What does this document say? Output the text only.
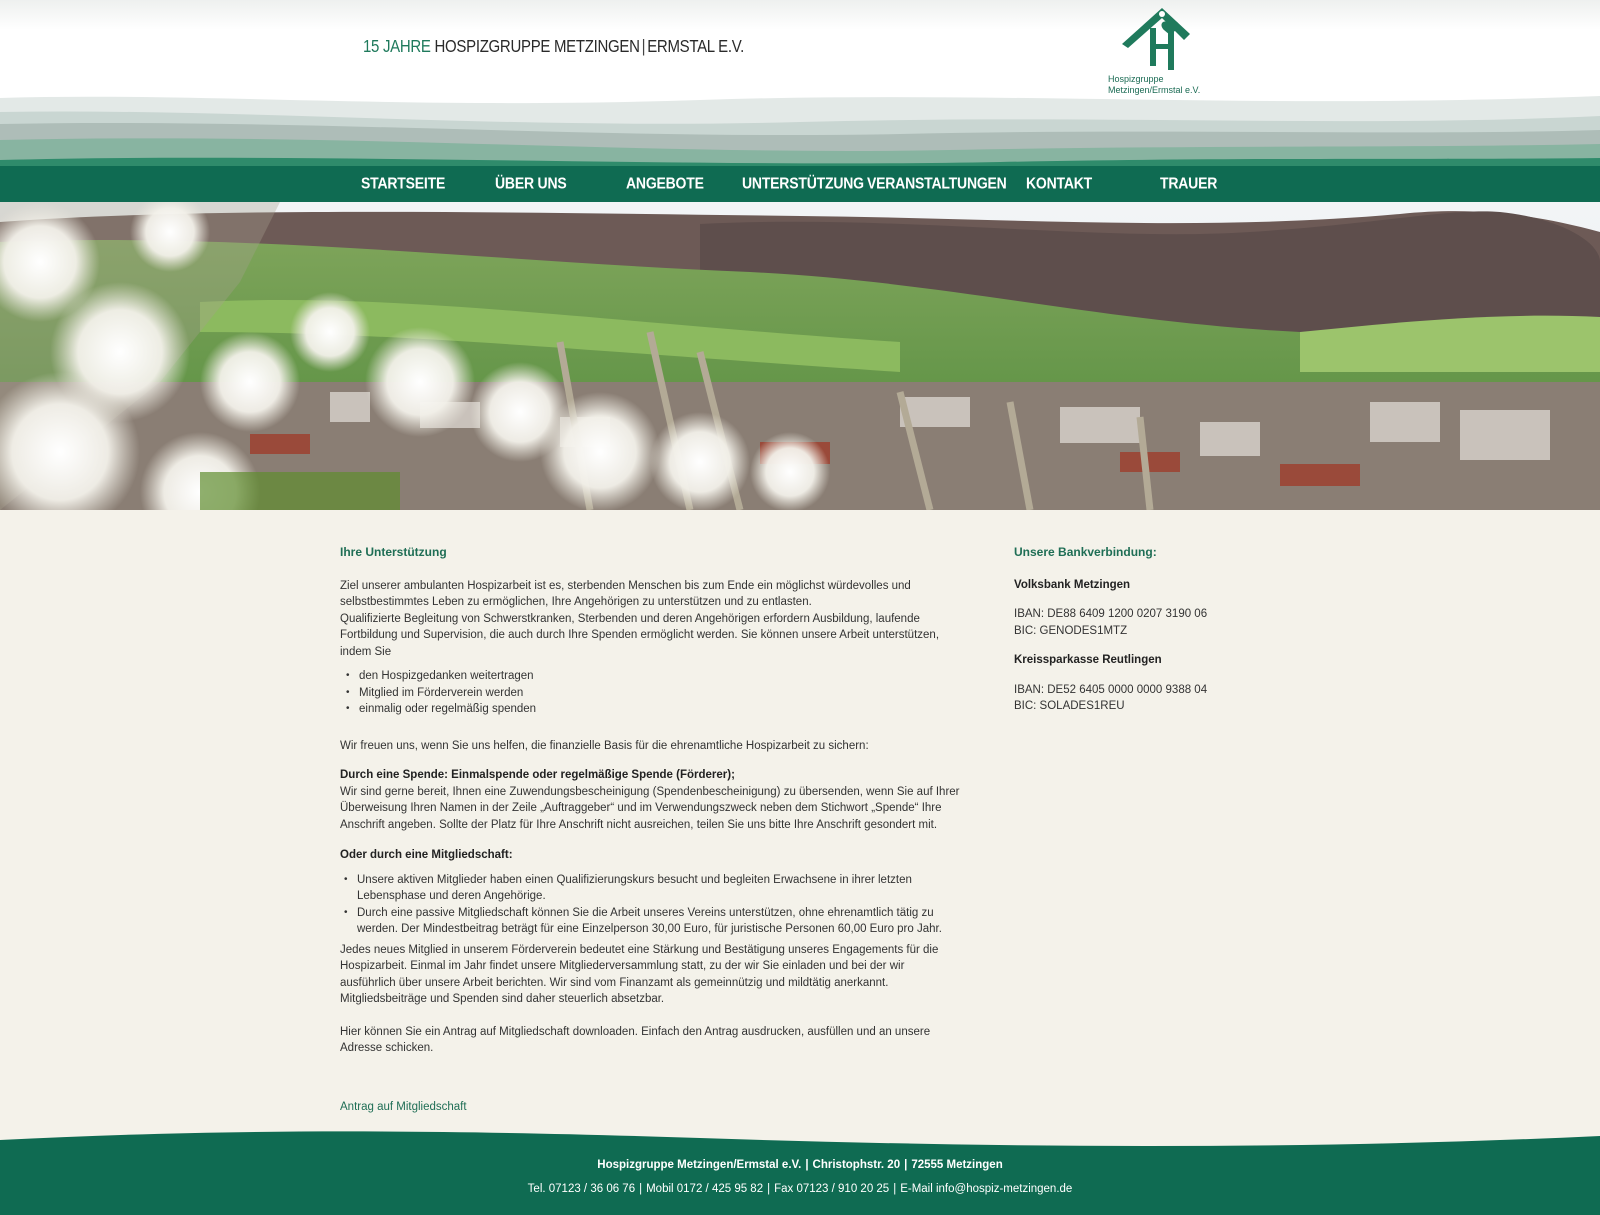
15 JAHRE HOSPIZGRUPPE METZINGEN | ERMSTAL E.V.
Hospizgruppe
Metzingen/Ermstal e.V.
STARTSEITE	ÜBER UNS	ANGEBOTE	UNTERSTÜTZUNG VERANSTALTUNGEN KONTAKT	TRAUER
Ihre Unterstützung
Ziel unserer ambulanten Hospizarbeit ist es, sterbenden Menschen bis zum Ende ein möglichst würdevolles und selbstbestimmtes Leben zu ermöglichen, Ihre Angehörigen zu unterstützen und zu entlasten.
Qualifizierte Begleitung von Schwerstkranken, Sterbenden und deren Angehörigen erfordern Ausbildung, laufende Fortbildung und Supervision, die auch durch Ihre Spenden ermöglicht werden. Sie können unsere Arbeit unterstützen, indem Sie
• den Hospizgedanken weitertragen
• Mitglied im Förderverein werden
• einmalig oder regelmäßig spenden
Wir freuen uns, wenn Sie uns helfen, die finanzielle Basis für die ehrenamtliche Hospizarbeit zu sichern:
Durch eine Spende: Einmalspende oder regelmäßige Spende (Förderer);
Wir sind gerne bereit, Ihnen eine Zuwendungsbescheinigung (Spendenbescheinigung) zu übersenden, wenn Sie auf Ihrer Überweisung Ihren Namen in der Zeile „Auftraggeber“ und im Verwendungszweck neben dem Stichwort „Spende“ Ihre Anschrift angeben. Sollte der Platz für Ihre Anschrift nicht ausreichen, teilen Sie uns bitte Ihre Anschrift gesondert mit.
Oder durch eine Mitgliedschaft:
• Unsere aktiven Mitglieder haben einen Qualifizierungskurs besucht und begleiten Erwachsene in ihrer letzten Lebensphase und deren Angehörige.
• Durch eine passive Mitgliedschaft können Sie die Arbeit unseres Vereins unterstützen, ohne ehrenamtlich tätig zu werden. Der Mindestbeitrag beträgt für eine Einzelperson 30,00 Euro, für juristische Personen 60,00 Euro pro Jahr.
Jedes neues Mitglied in unserem Förderverein bedeutet eine Stärkung und Bestätigung unseres Engagements für die Hospizarbeit. Einmal im Jahr findet unsere Mitgliederversammlung statt, zu der wir Sie einladen und bei der wir ausführlich über unsere Arbeit berichten. Wir sind vom Finanzamt als gemeinnützig und mildtätig anerkannt. Mitgliedsbeiträge und Spenden sind daher steuerlich absetzbar.
Hier können Sie ein Antrag auf Mitgliedschaft downloaden. Einfach den Antrag ausdrucken, ausfüllen und an unsere Adresse schicken.
Antrag auf Mitgliedschaft
Unsere Bankverbindung:
Volksbank Metzingen
IBAN: DE88 6409 1200 0207 3190 06
BIC: GENODES1MTZ
Kreissparkasse Reutlingen
IBAN: DE52 6405 0000 0000 9388 04
BIC: SOLADES1REU
Hospizgruppe Metzingen/Ermstal e.V. | Christophstr. 20 | 72555 Metzingen
Tel. 07123 / 36 06 76 | Mobil 0172 / 425 95 82 | Fax 07123 / 910 20 25 | E-Mail info@hospiz-metzingen.de
